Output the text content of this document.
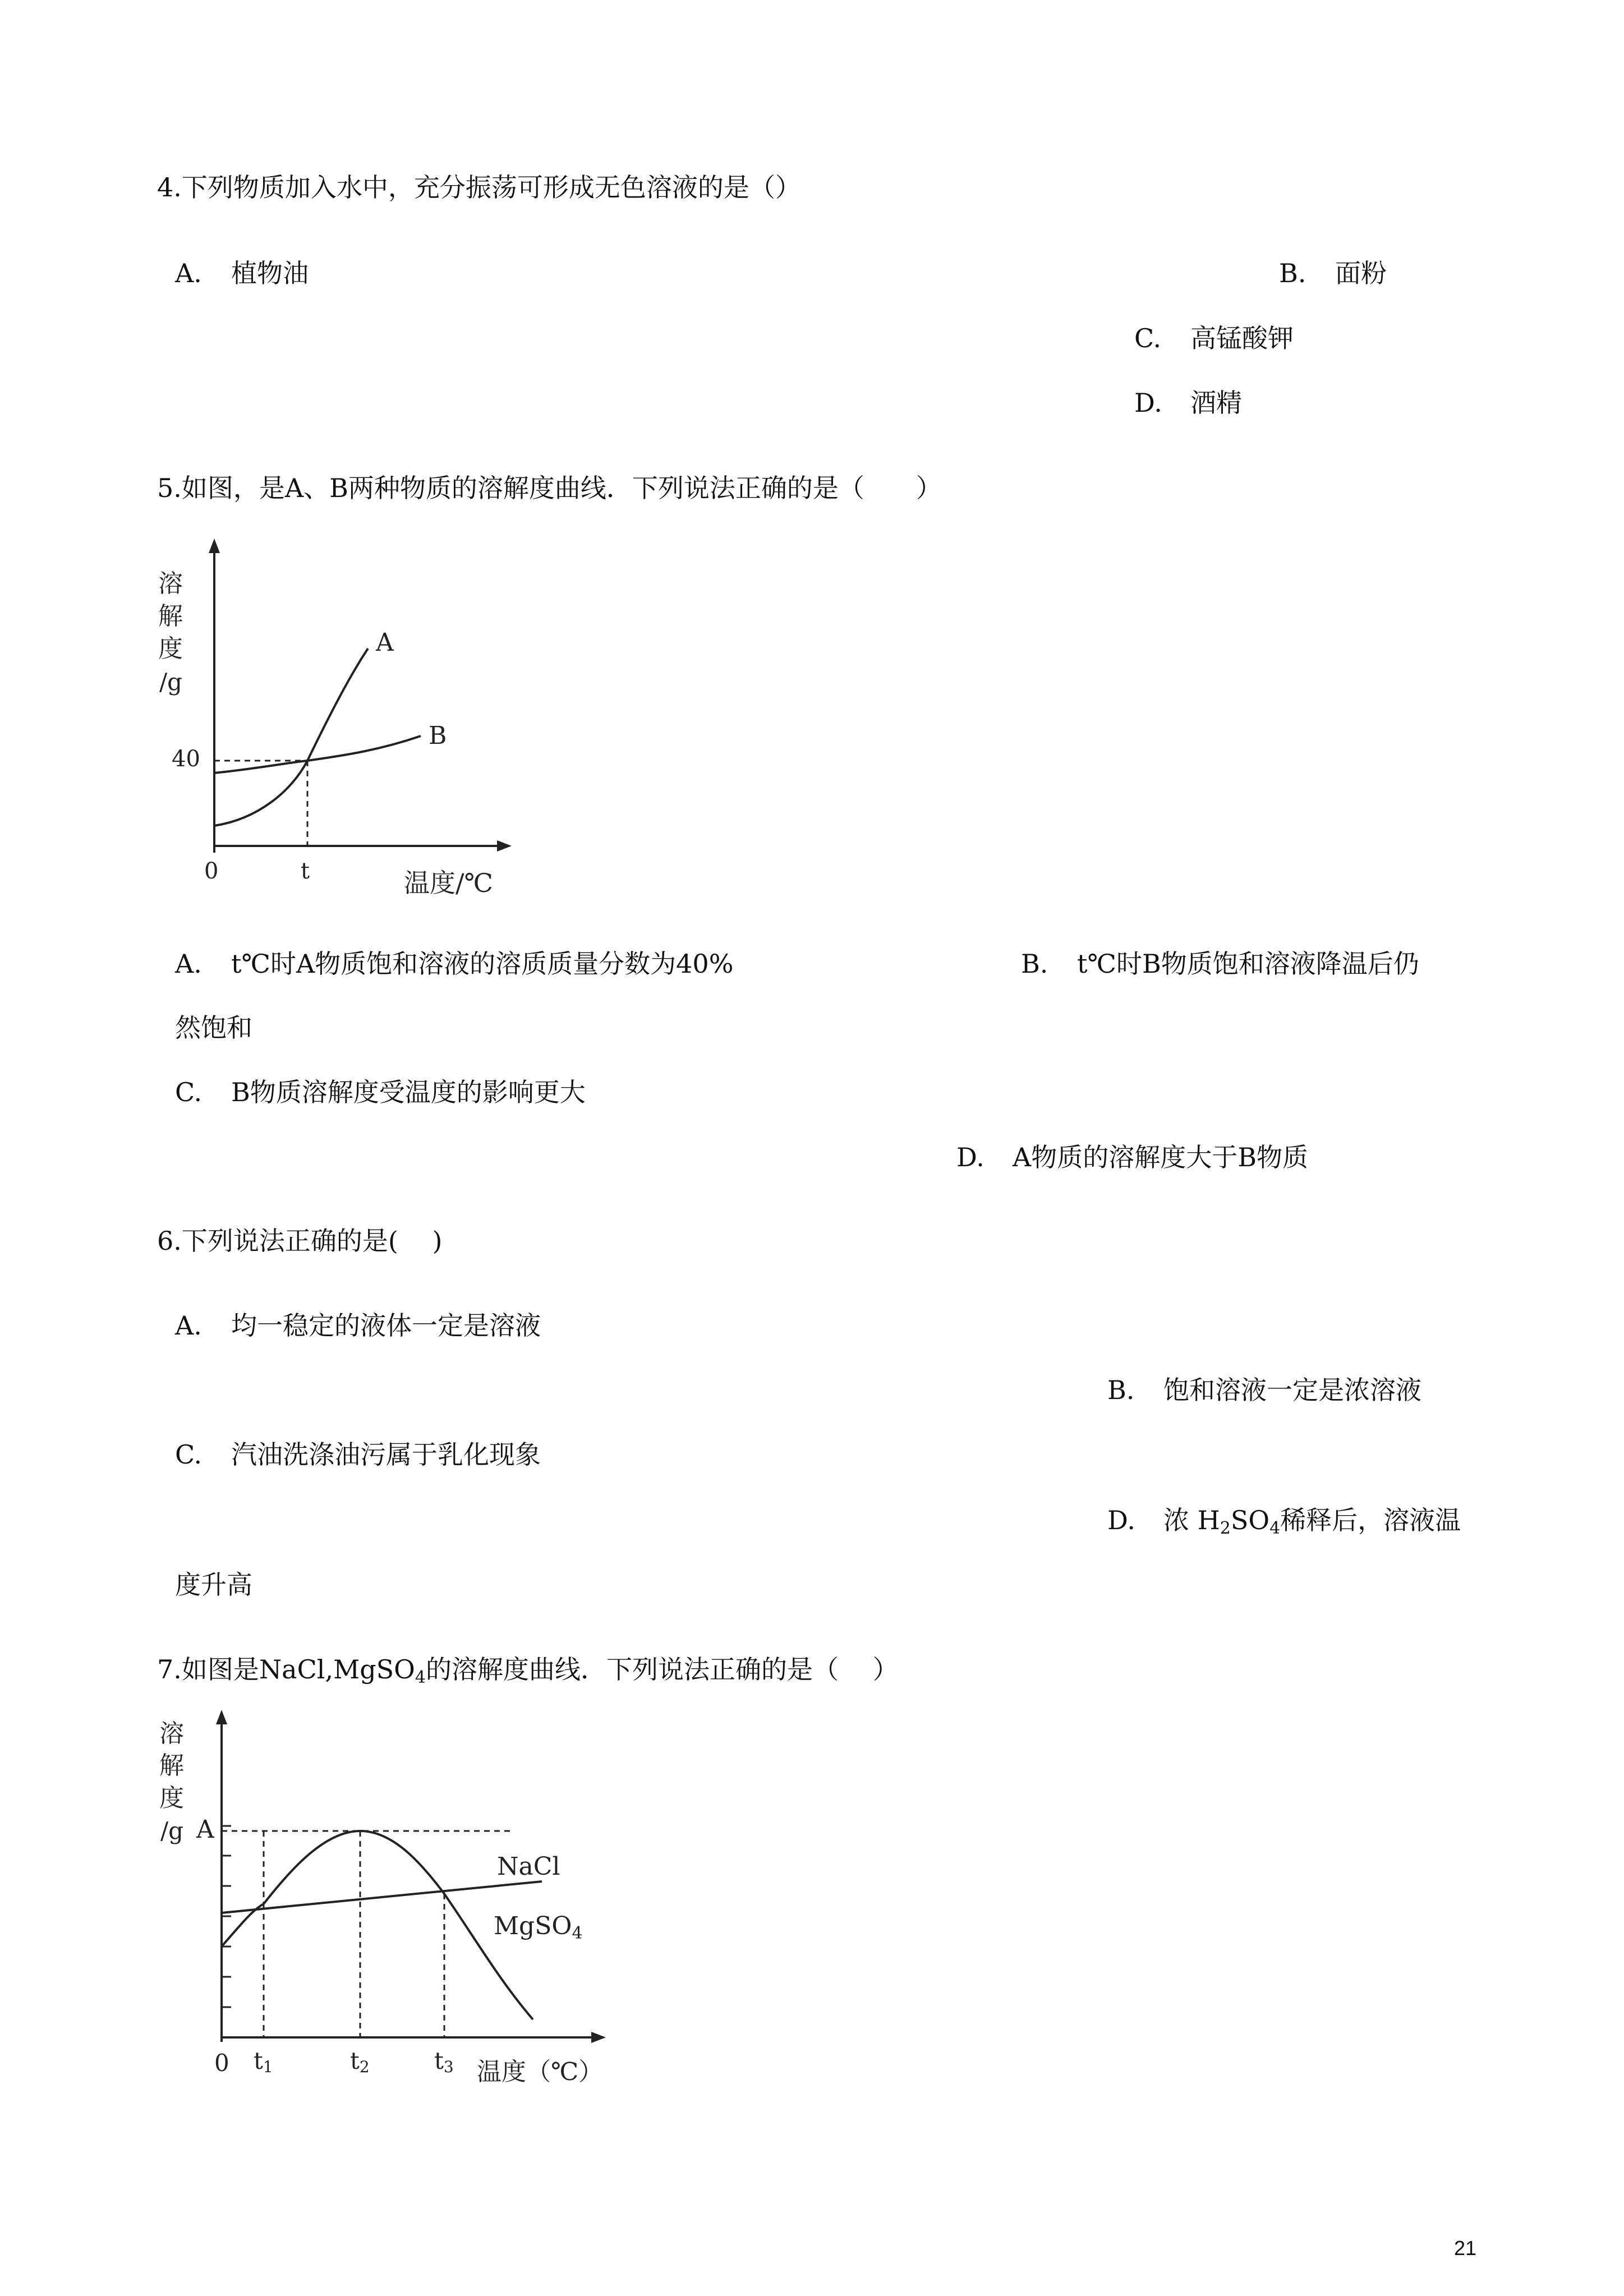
4.下列物质加入水中，充分振荡可形成无色溶液的是（）
A. 植物油	B. 面粉
C. 高锰酸钾
D. 酒精
5.如图，是A、B两种物质的溶解度曲线．下列说法正确的是（　　）
溶
解
度
/g
40
0	t	温度/℃
A
B
A. t℃时A物质饱和溶液的溶质质量分数为40%	B. t℃时B物质饱和溶液降温后仍
然饱和
C. B物质溶解度受温度的影响更大
D. A物质的溶解度大于B物质
6.下列说法正确的是(　 )
A. 均一稳定的液体一定是溶液
B. 饱和溶液一定是浓溶液
C. 汽油洗涤油污属于乳化现象
D. 浓 $H_2SO_4$稀释后，溶液温
度升高
7.如图是NaCl,MgSO$_4$的溶解度曲线．下列说法正确的是（　 ）
溶
解
度
/g A
0 t1	t2	t3 温度（℃）
NaCl
MgSO4
21
